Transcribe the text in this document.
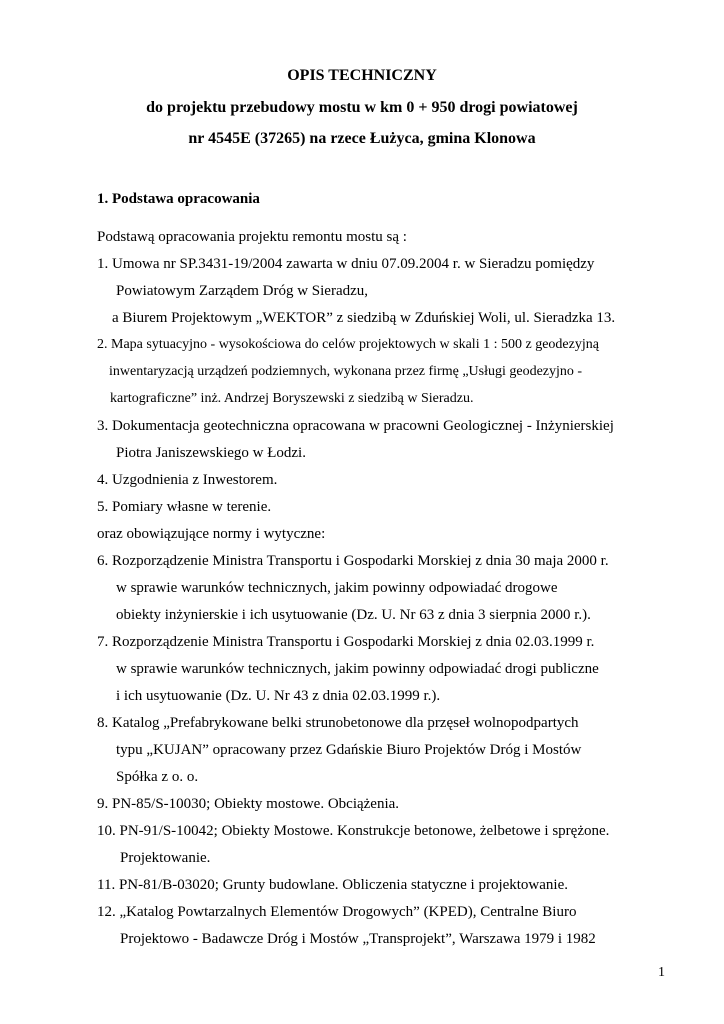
OPIS TECHNICZNY
do projektu przebudowy mostu w km 0 + 950 drogi powiatowej
nr 4545E (37265) na rzece Łużyca, gmina Klonowa
1. Podstawa opracowania
Podstawą opracowania projektu remontu mostu są :
1. Umowa nr SP.3431-19/2004 zawarta w dniu 07.09.2004 r. w Sieradzu pomiędzy
Powiatowym Zarządem Dróg w Sieradzu,
a Biurem Projektowym „WEKTOR” z siedzibą w Zduńskiej Woli, ul. Sieradzka 13.
2. Mapa sytuacyjno - wysokościowa do celów projektowych w skali 1 : 500 z geodezyjną
inwentaryzacją urządzeń podziemnych, wykonana przez firmę „Usługi geodezyjno -
kartograficzne” inż. Andrzej Boryszewski z siedzibą w Sieradzu.
3. Dokumentacja geotechniczna opracowana w pracowni Geologicznej - Inżynierskiej
Piotra Janiszewskiego w Łodzi.
4. Uzgodnienia z Inwestorem.
5. Pomiary własne w terenie.
oraz obowiązujące normy i wytyczne:
6. Rozporządzenie Ministra Transportu i Gospodarki Morskiej z dnia 30 maja 2000 r.
w sprawie warunków technicznych, jakim powinny odpowiadać drogowe
obiekty inżynierskie i ich usytuowanie (Dz. U. Nr 63 z dnia 3 sierpnia 2000 r.).
7. Rozporządzenie Ministra Transportu i Gospodarki Morskiej z dnia 02.03.1999 r.
w sprawie warunków technicznych, jakim powinny odpowiadać drogi publiczne
i ich usytuowanie (Dz. U. Nr 43 z dnia 02.03.1999 r.).
8. Katalog „Prefabrykowane belki strunobetonowe dla przęseł wolnopodpartych
typu „KUJAN” opracowany przez Gdańskie Biuro Projektów Dróg i Mostów
Spółka z o. o.
9. PN-85/S-10030; Obiekty mostowe. Obciążenia.
10. PN-91/S-10042; Obiekty Mostowe. Konstrukcje betonowe, żelbetowe i sprężone.
Projektowanie.
11. PN-81/B-03020; Grunty budowlane. Obliczenia statyczne i projektowanie.
12. „Katalog Powtarzalnych Elementów Drogowych” (KPED), Centralne Biuro
Projektowo - Badawcze Dróg i Mostów „Transprojekt”, Warszawa 1979 i 1982
1
